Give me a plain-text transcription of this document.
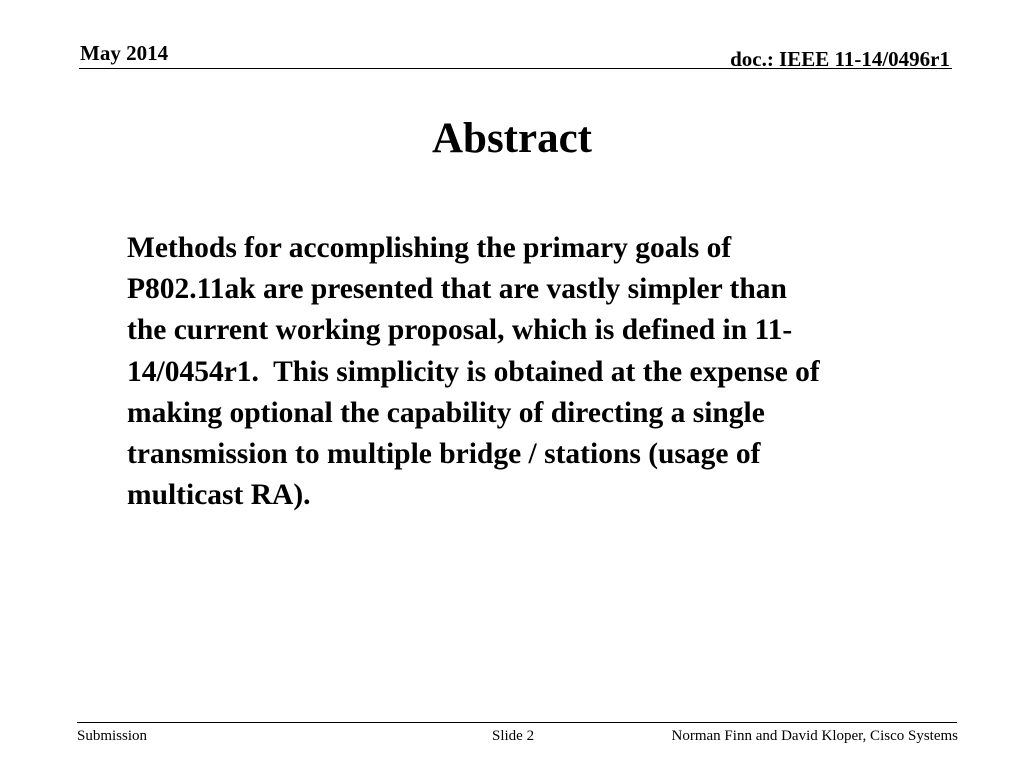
May 2014	doc.: IEEE 11-14/0496r1
Abstract
Methods for accomplishing the primary goals of
P802.11ak are presented that are vastly simpler than
the current working proposal, which is defined in 11-
14/0454r1.  This simplicity is obtained at the expense of
making optional the capability of directing a single
transmission to multiple bridge / stations (usage of
multicast RA).
Submission	Slide 2	Norman Finn and David Kloper, Cisco Systems
